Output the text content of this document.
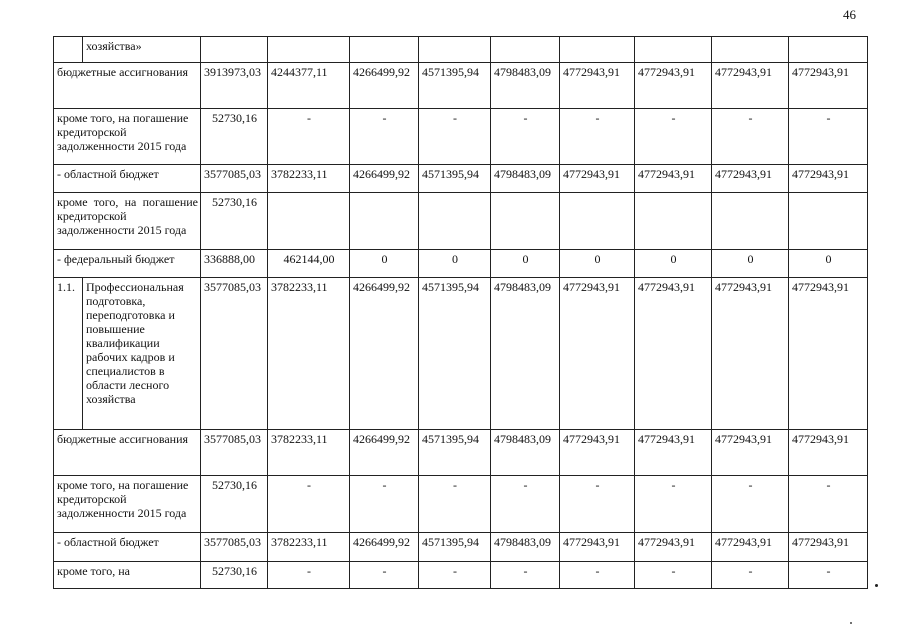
46
	хозяйства»									
бюджетные ассигнования		3913973,03	4244377,11	4266499,92	4571395,94	4798483,09	4772943,91	4772943,91	4772943,91	4772943,91
кроме того, на погашение кредиторской задолженности 2015 года		52730,16	-	-	-	-	-	-	-	-
- областной бюджет		3577085,03	3782233,11	4266499,92	4571395,94	4798483,09	4772943,91	4772943,91	4772943,91	4772943,91
кроме того, на погашение кредиторской задолженности 2015 года		52730,16								
- федеральный бюджет		336888,00	462144,00	0	0	0	0	0	0	0
1.1.	Профессиональная подготовка, переподготовка и повышение квалификации рабочих кадров и специалистов в области лесного хозяйства	3577085,03	3782233,11	4266499,92	4571395,94	4798483,09	4772943,91	4772943,91	4772943,91	4772943,91
бюджетные ассигнования		3577085,03	3782233,11	4266499,92	4571395,94	4798483,09	4772943,91	4772943,91	4772943,91	4772943,91
кроме того, на погашение кредиторской задолженности 2015 года		52730,16	-	-	-	-	-	-	-	-
- областной бюджет		3577085,03	3782233,11	4266499,92	4571395,94	4798483,09	4772943,91	4772943,91	4772943,91	4772943,91
кроме того, на		52730,16	-	-	-	-	-	-	-	-
